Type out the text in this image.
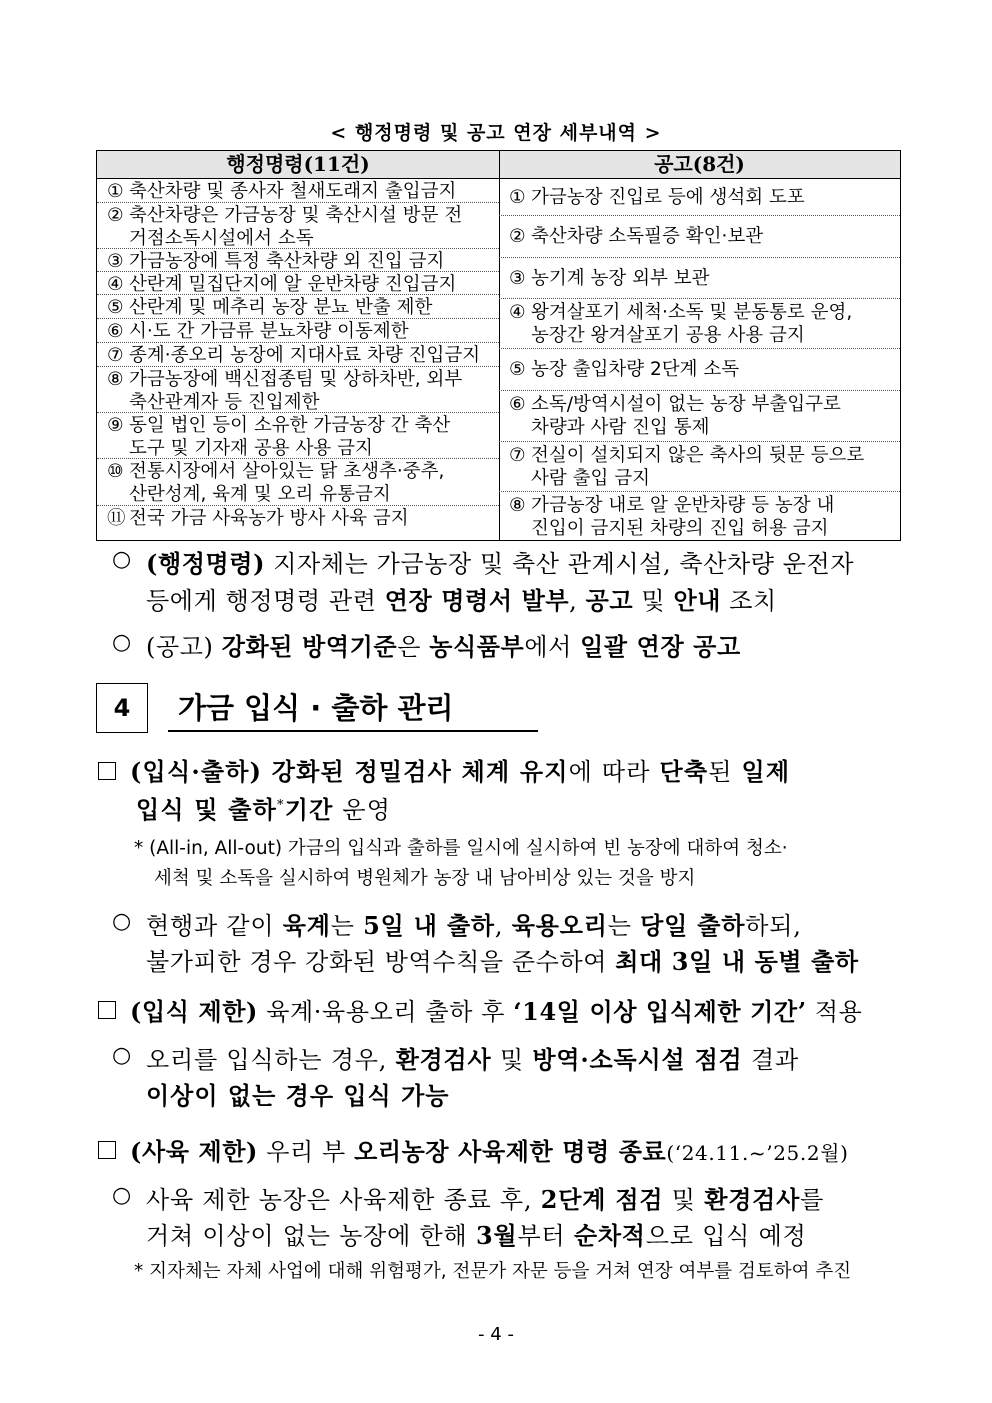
< 행정명령 및 공고 연장 세부내역 >
행정명령(11건)	공고(8건)
① 축산차량 및 종사자 철새도래지 출입금지
② 축산차량은 가금농장 및 축산시설 방문 전
거점소독시설에서 소독
③ 가금농장에 특정 축산차량 외 진입 금지
④ 산란계 밀집단지에 알 운반차량 진입금지
⑤ 산란계 및 메추리 농장 분뇨 반출 제한
⑥ 시·도 간 가금류 분뇨차량 이동제한
⑦ 종계·종오리 농장에 지대사료 차량 진입금지
⑧ 가금농장에 백신접종팀 및 상하차반, 외부
축산관계자 등 진입제한
⑨ 동일 법인 등이 소유한 가금농장 간 축산
도구 및 기자재 공용 사용 금지
⑩ 전통시장에서 살아있는 닭 초생추·중추,
산란성계, 육계 및 오리 유통금지
⑪ 전국 가금 사육농가 방사 사육 금지
① 가금농장 진입로 등에 생석회 도포
② 축산차량 소독필증 확인·보관
③ 농기계 농장 외부 보관
④ 왕겨살포기 세척·소독 및 분동통로 운영,
농장간 왕겨살포기 공용 사용 금지
⑤ 농장 출입차량 2단계 소독
⑥ 소독/방역시설이 없는 농장 부출입구로
차량과 사람 진입 통제
⑦ 전실이 설치되지 않은 축사의 뒷문 등으로
사람 출입 금지
⑧ 가금농장 내로 알 운반차량 등 농장 내
진입이 금지된 차량의 진입 허용 금지
○ (행정명령) 지자체는 가금농장 및 축산 관계시설, 축산차량 운전자
등에게 행정명령 관련 연장 명령서 발부, 공고 및 안내 조치
○ (공고) 강화된 방역기준은 농식품부에서 일괄 연장 공고
4	가금 입식 · 출하 관리
(입식·출하) 강화된 정밀검사 체계 유지에 따라 단축된 일제
입식 및 출하*기간 운영
* (All-in, All-out) 가금의 입식과 출하를 일시에 실시하여 빈 농장에 대하여 청소·
세척 및 소독을 실시하여 병원체가 농장 내 남아비상 있는 것을 방지
○ 현행과 같이 육계는 5일 내 출하, 육용오리는 당일 출하하되,
불가피한 경우 강화된 방역수칙을 준수하여 최대 3일 내 동별 출하
(입식 제한) 육계·육용오리 출하 후 ‘14일 이상 입식제한 기간’ 적용
○ 오리를 입식하는 경우, 환경검사 및 방역·소독시설 점검 결과
이상이 없는 경우 입식 가능
(사육 제한) 우리 부 오리농장 사육제한 명령 종료(‘24.11.~’25.2월)
○ 사육 제한 농장은 사육제한 종료 후, 2단계 점검 및 환경검사를
거쳐 이상이 없는 농장에 한해 3월부터 순차적으로 입식 예정
* 지자체는 자체 사업에 대해 위험평가, 전문가 자문 등을 거쳐 연장 여부를 검토하여 추진
- 4 -
